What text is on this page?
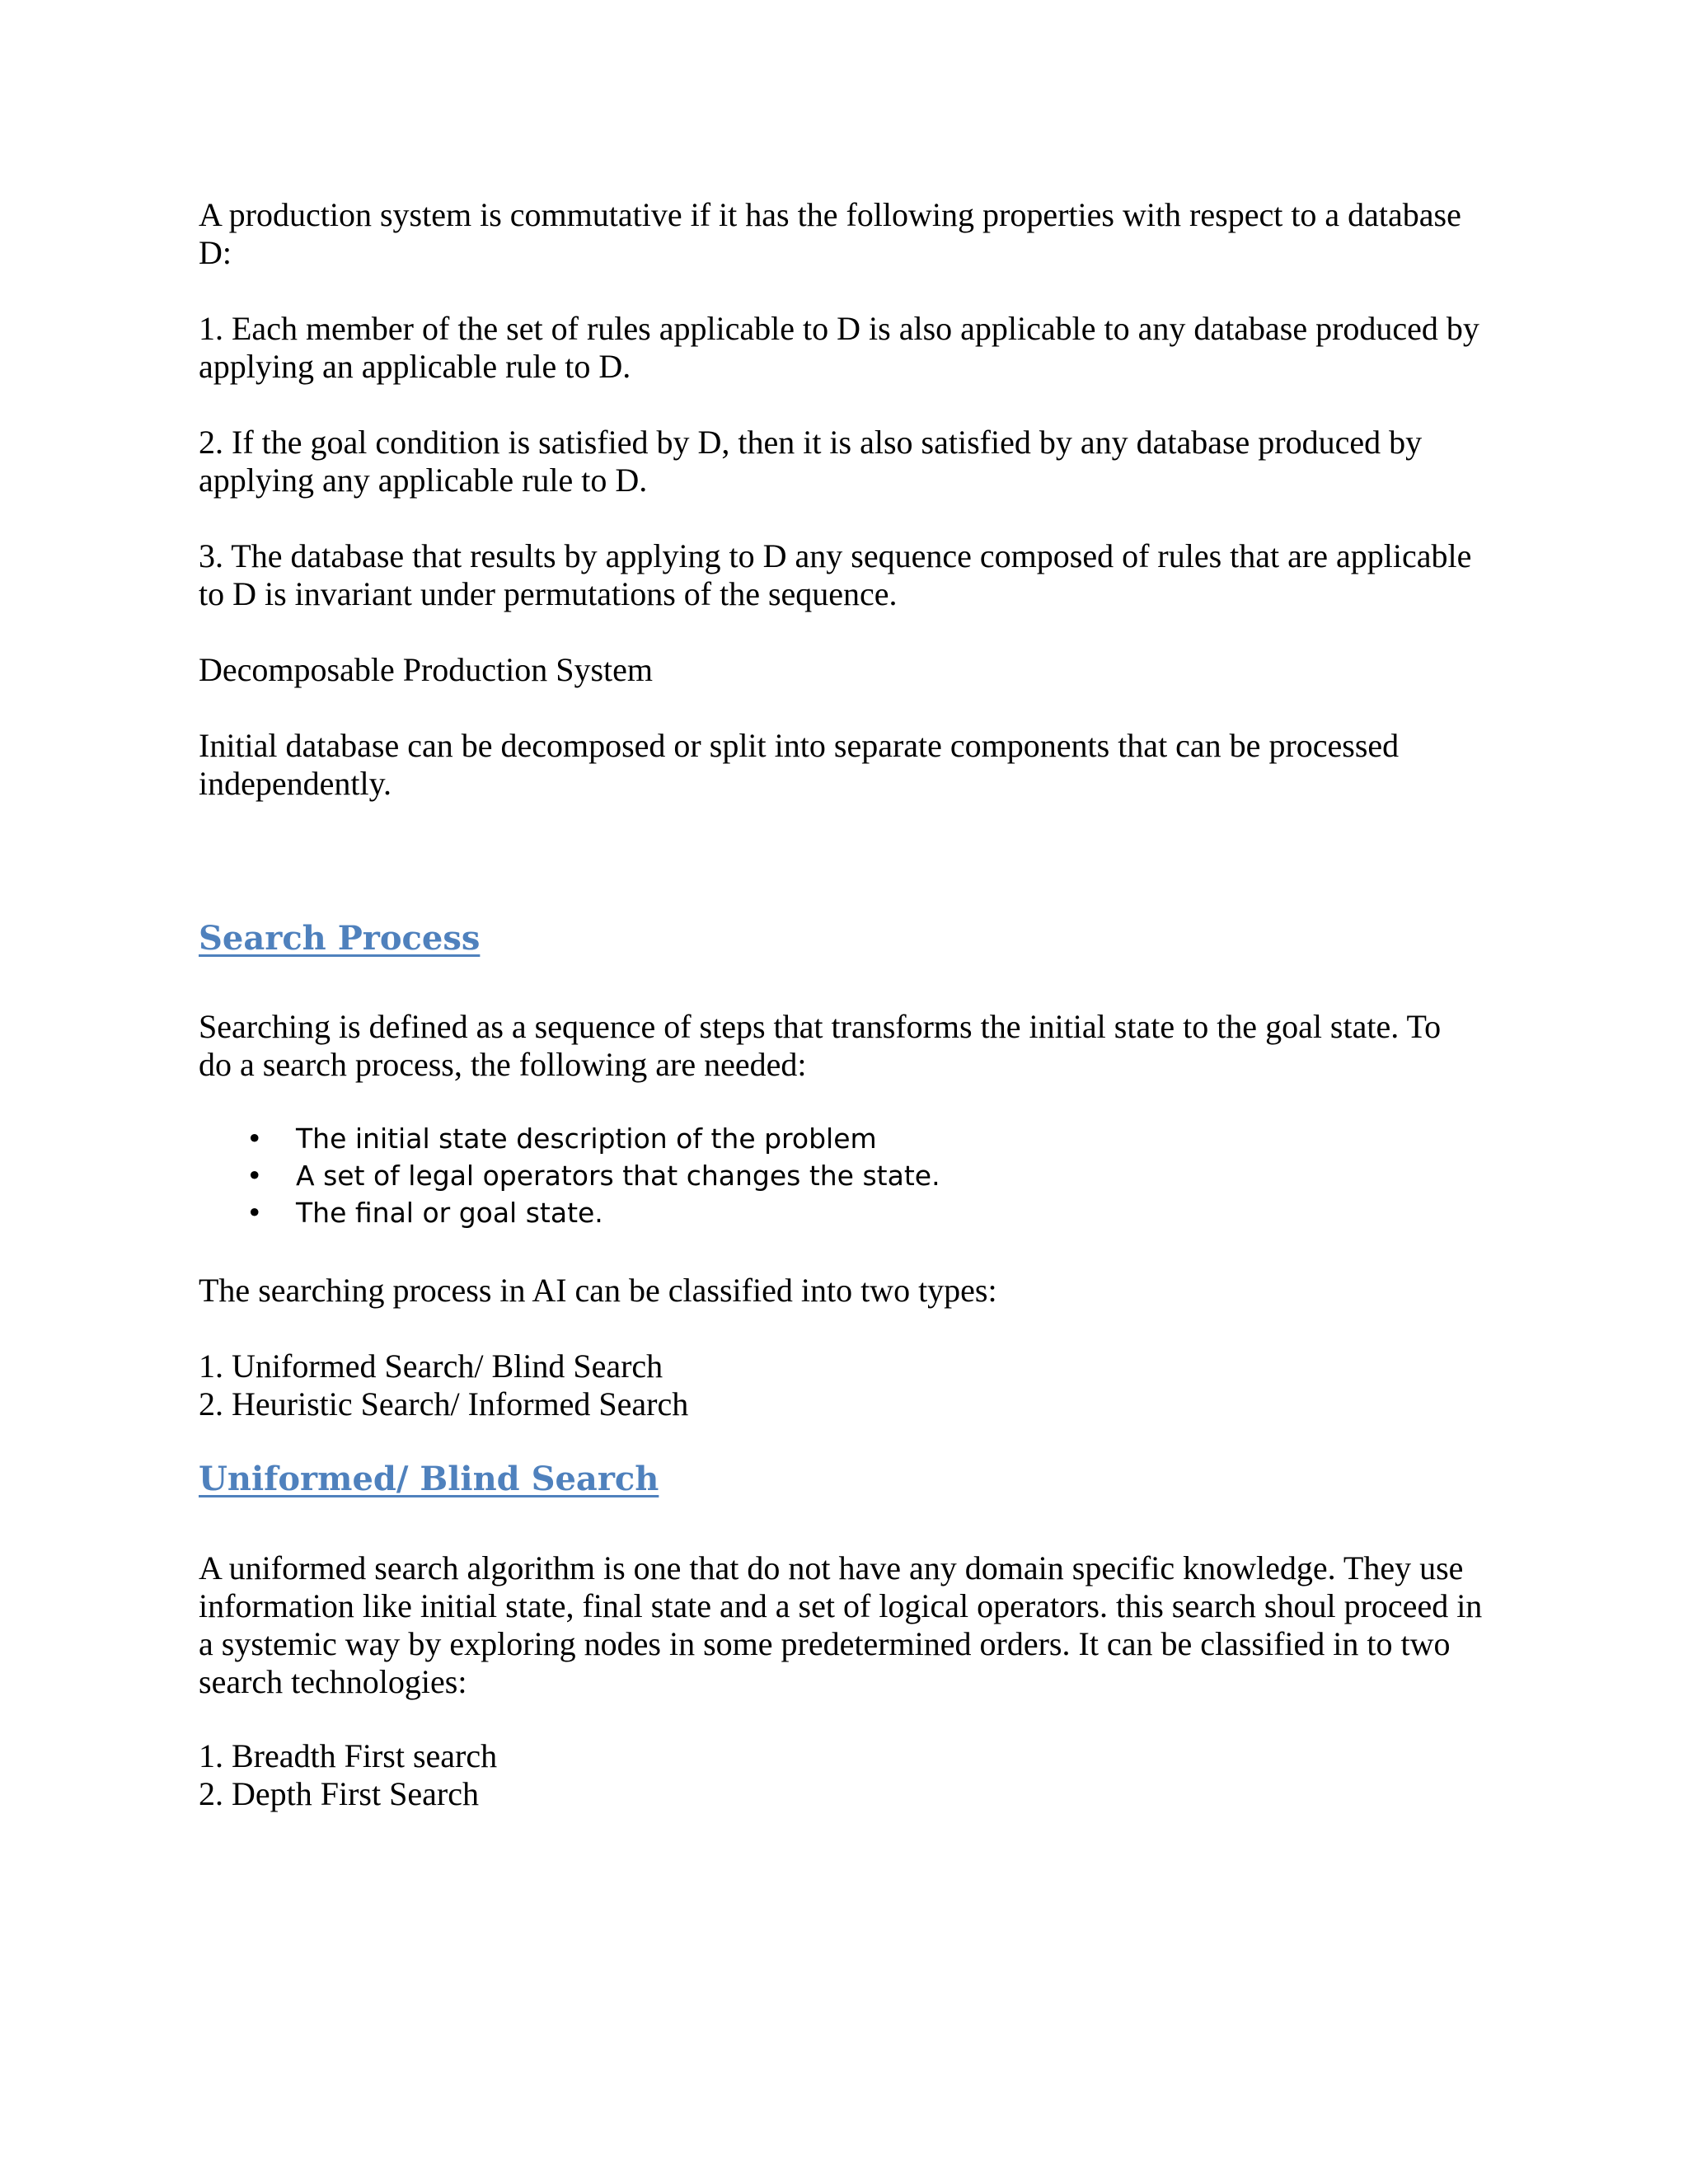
A production system is commutative if it has the following properties with respect to a database
D:

1. Each member of the set of rules applicable to D is also applicable to any database produced by
applying an applicable rule to D.

2. If the goal condition is satisfied by D, then it is also satisfied by any database produced by
applying any applicable rule to D.

3. The database that results by applying to D any sequence composed of rules that are applicable
to D is invariant under permutations of the sequence.

Decomposable Production System

Initial database can be decomposed or split into separate components that can be processed
independently.

Search Process

Searching is defined as a sequence of steps that transforms the initial state to the goal state. To
do a search process, the following are needed:

• The initial state description of the problem
• A set of legal operators that changes the state.
• The final or goal state.

The searching process in AI can be classified into two types:

1. Uniformed Search/ Blind Search
2. Heuristic Search/ Informed Search

Uniformed/ Blind Search

A uniformed search algorithm is one that do not have any domain specific knowledge. They use
information like initial state, final state and a set of logical operators. this search shoul proceed in
a systemic way by exploring nodes in some predetermined orders. It can be classified in to two
search technologies:

1. Breadth First search
2. Depth First Search
